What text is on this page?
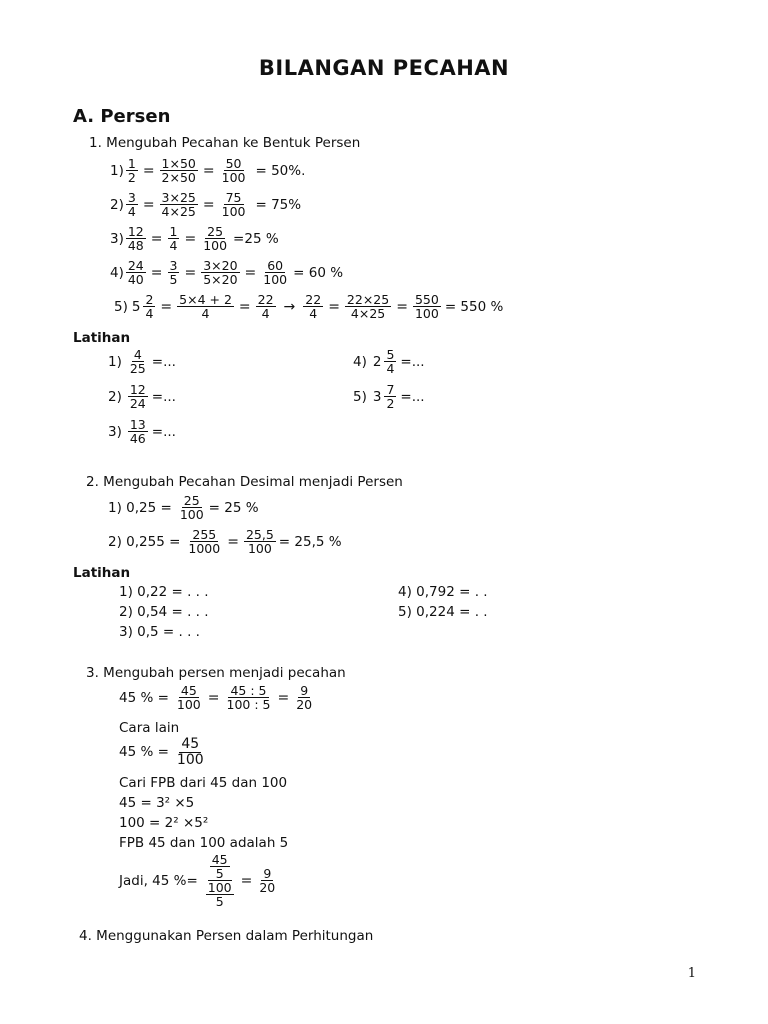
BILANGAN PECAHAN
A. Persen
1. Mengubah Pecahan ke Bentuk Persen
$1) \frac{1}{2} = \frac{1\times 50}{2\times 50} = \frac{50}{100} = 50\%$.
$2) \frac{3}{4} = \frac{3\times 25}{4\times 25} = \frac{75}{100} = 75\%$
$3) \frac{12}{48} = \frac{1}{4} = \frac{25}{100} =25$ %
$4) \frac{24}{40} = \frac{3}{5} = \frac{3\times 20}{5\times 20} = \frac{60}{100} = 60$ %
5) $5 \frac{2}{4} = \frac{5\times 4 + 2}{4} = \frac{22}{4} \to \frac{22}{4} = \frac{22\times 25}{4\times 25} = \frac{550}{100} = 550$ %
Latihan
$1) \frac{4}{25}$ =...
$2) \frac{12}{24}$ =...
$3) \frac{13}{46}$ =...
4) $2 \frac{5}{4}$ =...
5) $3 \frac{7}{2}$ =...
2. Mengubah Pecahan Desimal menjadi Persen
1) $0,25 = \frac{25}{100} = 25$ %
2) $0,255 = \frac{255}{1000} = \frac{25,5}{100} = 25,5$ %
Latihan
1) 0,22 = . . .
2) 0,54 = . . .
3) 0,5 = . . .
4) 0,792 = . .
5) 0,224 = . .
3. Mengubah persen menjadi pecahan
45 % = $\frac{45}{100} = \frac{45 : 5}{100 : 5} = \frac{9}{20}$
Cara lain
45 % = $\frac{45}{100}$
Cari FPB dari 45 dan 100
45 = 3² ×5
100 = 2² ×5²
FPB 45 dan 100 adalah 5
Jadi, 45 %= 45
5
100
$5 = \frac{9}{20}$
4. Menggunakan Persen dalam Perhitungan
1
